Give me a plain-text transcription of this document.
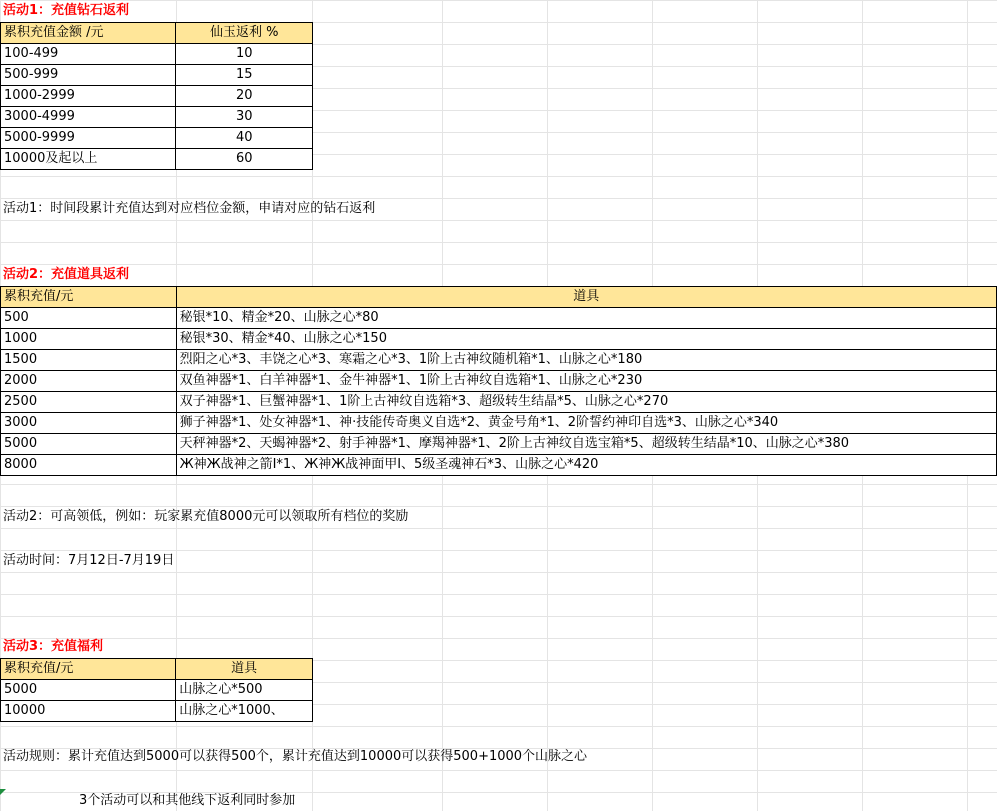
活动1：充值钻石返利
累积充值金额 /元	仙玉返利 %
100-499	10
500-999	15
1000-2999	20
3000-4999	30
5000-9999	40
10000及起以上	60
活动1：时间段累计充值达到对应档位金额，申请对应的钻石返利
活动2：充值道具返利
累积充值/元	道具
500	秘银*10、精金*20、山脉之心*80
1000	秘银*30、精金*40、山脉之心*150
1500	烈阳之心*3、丰饶之心*3、寒霜之心*3、1阶上古神纹随机箱*1、山脉之心*180
2000	双鱼神器*1、白羊神器*1、金牛神器*1、1阶上古神纹自选箱*1、山脉之心*230
2500	双子神器*1、巨蟹神器*1、1阶上古神纹自选箱*3、超级转生结晶*5、山脉之心*270
3000	狮子神器*1、处女神器*1、神·技能传奇奥义自选*2、黄金号角*1、2阶誓约神印自选*3、山脉之心*340
5000	天秤神器*2、天蝎神器*2、射手神器*1、摩羯神器*1、2阶上古神纹自选宝箱*5、超级转生结晶*10、山脉之心*380
8000	Ж神Ж战神之箭Ⅰ*1、Ж神Ж战神面甲Ⅰ、5级圣魂神石*3、山脉之心*420
活动2：可高领低，例如：玩家累充值8000元可以领取所有档位的奖励
活动时间：7月12日-7月19日
活动3：充值福利
累积充值/元	道具
5000	山脉之心*500
10000	山脉之心*1000、
活动规则：累计充值达到5000可以获得500个，累计充值达到10000可以获得500+1000个山脉之心
3个活动可以和其他线下返利同时参加
